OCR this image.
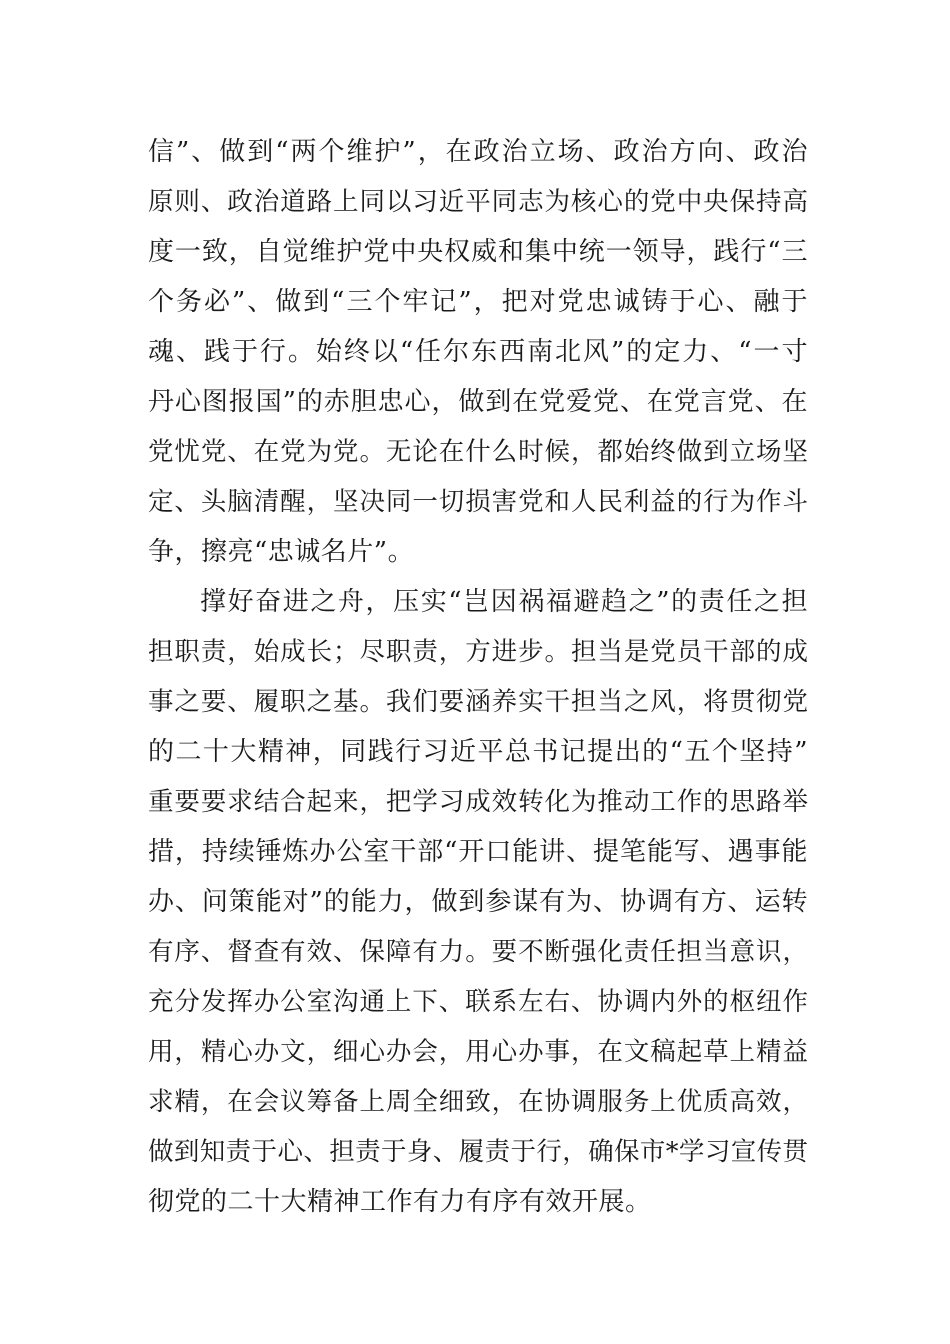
信”、做到“两个维护”，在政治立场、政治方向、政治
原则、政治道路上同以习近平同志为核心的党中央保持高
度一致，自觉维护党中央权威和集中统一领导，践行“三
个务必”、做到“三个牢记”，把对党忠诚铸于心、融于
魂、践于行。始终以“任尔东西南北风”的定力、“一寸
丹心图报国”的赤胆忠心，做到在党爱党、在党言党、在
党忧党、在党为党。无论在什么时候，都始终做到立场坚
定、头脑清醒，坚决同一切损害党和人民利益的行为作斗
争，擦亮“忠诚名片”。
撑好奋进之舟，压实“岂因祸福避趋之”的责任之担
担职责，始成长；尽职责，方进步。担当是党员干部的成
事之要、履职之基。我们要涵养实干担当之风，将贯彻党
的二十大精神，同践行习近平总书记提出的“五个坚持”
重要要求结合起来，把学习成效转化为推动工作的思路举
措，持续锤炼办公室干部“开口能讲、提笔能写、遇事能
办、问策能对”的能力，做到参谋有为、协调有方、运转
有序、督查有效、保障有力。要不断强化责任担当意识，
充分发挥办公室沟通上下、联系左右、协调内外的枢纽作
用，精心办文，细心办会，用心办事，在文稿起草上精益
求精，在会议筹备上周全细致，在协调服务上优质高效，
做到知责于心、担责于身、履责于行，确保市*学习宣传贯
彻党的二十大精神工作有力有序有效开展。
